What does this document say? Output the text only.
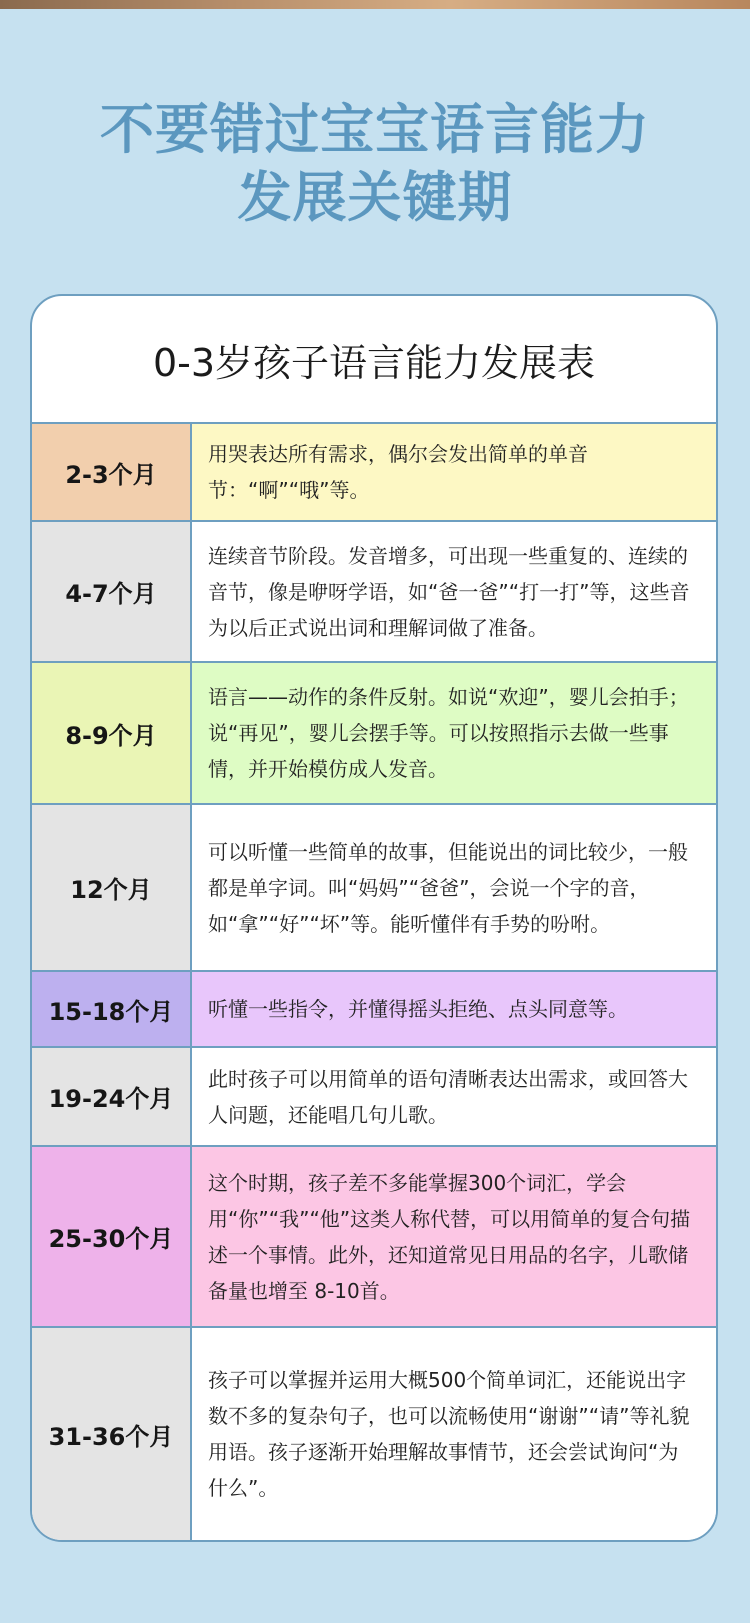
不要错过宝宝语言能力
发展关键期
0-3岁孩子语言能力发展表
2-3个月
用哭表达所有需求，偶尔会发出简单的单音节：“啊”“哦”等。
4-7个月
连续音节阶段。发音增多，可出现一些重复的、连续的音节，像是咿呀学语，如“爸一爸”“打一打”等，这些音为以后正式说出词和理解词做了准备。
8-9个月
语言——动作的条件反射。如说“欢迎”，婴儿会拍手；说“再见”，婴儿会摆手等。可以按照指示去做一些事情，并开始模仿成人发音。
12个月
可以听懂一些简单的故事，但能说出的词比较少，一般都是单字词。叫“妈妈”“爸爸”，会说一个字的音，如“拿”“好”“坏”等。能听懂伴有手势的吩咐。
15-18个月	听懂一些指令，并懂得摇头拒绝、点头同意等。
19-24个月
此时孩子可以用简单的语句清晰表达出需求，或回答大人问题，还能唱几句儿歌。
25-30个月
这个时期，孩子差不多能掌握300个词汇，学会用“你”“我”“他”这类人称代替，可以用简单的复合句描述一个事情。此外，还知道常见日用品的名字，儿歌储备量也增至 8-10首。
31-36个月
孩子可以掌握并运用大概500个简单词汇，还能说出字数不多的复杂句子，也可以流畅使用“谢谢”“请”等礼貌用语。孩子逐渐开始理解故事情节，还会尝试询问“为什么”。
